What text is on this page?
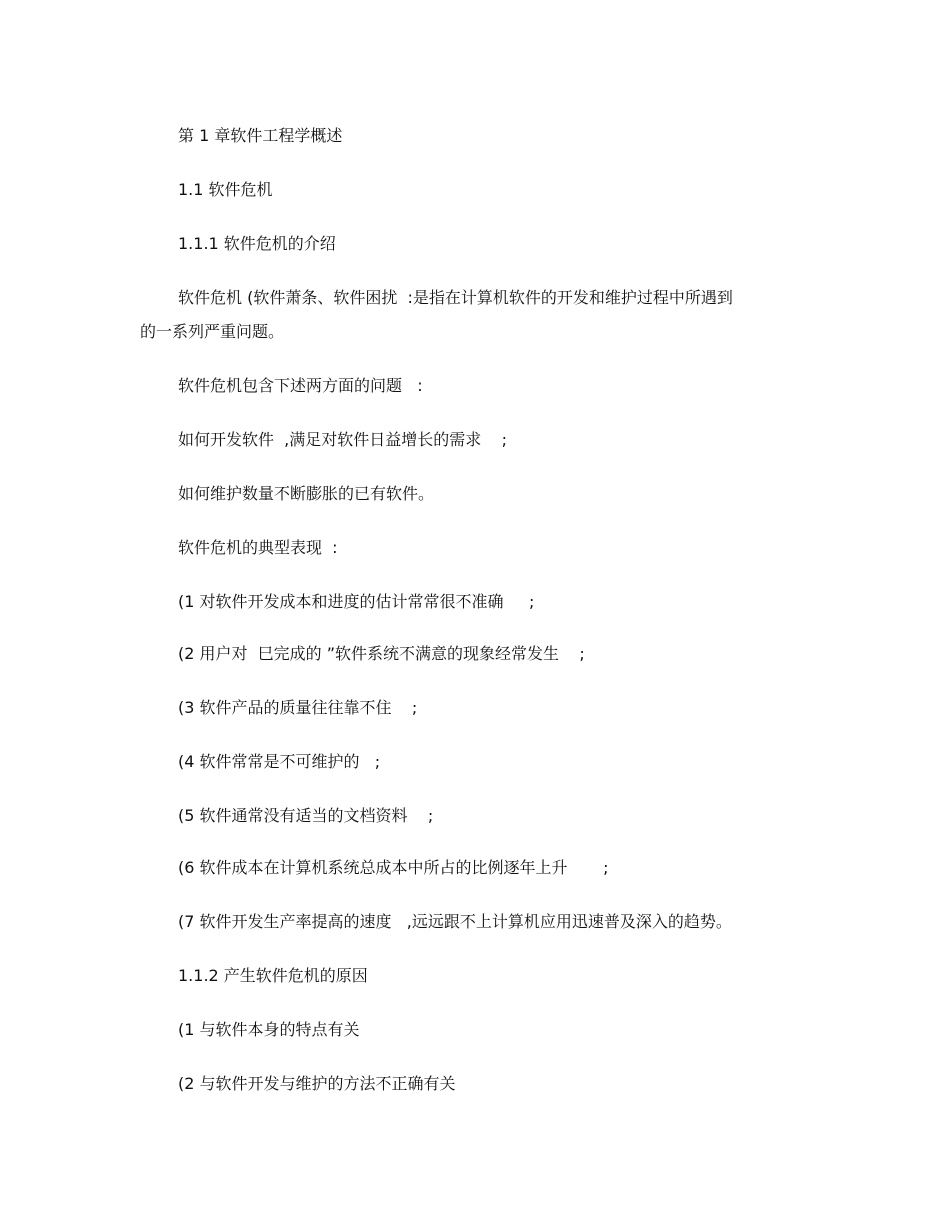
第 1 章软件工程学概述
1.1 软件危机
1.1.1 软件危机的介绍
软件危机 (软件萧条、软件困扰  :是指在计算机软件的开发和维护过程中所遇到
的一系列严重问题。
软件危机包含下述两方面的问题   :
如何开发软件  ,满足对软件日益增长的需求    ;
如何维护数量不断膨胀的已有软件。
软件危机的典型表现  :
(1 对软件开发成本和进度的估计常常很不准确     ;
(2 用户对  巳完成的 ”软件系统不满意的现象经常发生    ;
(3 软件产品的质量往往靠不住    ;
(4 软件常常是不可维护的   ;
(5 软件通常没有适当的文档资料    ;
(6 软件成本在计算机系统总成本中所占的比例逐年上升       ;
(7 软件开发生产率提高的速度   ,远远跟不上计算机应用迅速普及深入的趋势。
1.1.2 产生软件危机的原因
(1 与软件本身的特点有关
(2 与软件开发与维护的方法不正确有关
